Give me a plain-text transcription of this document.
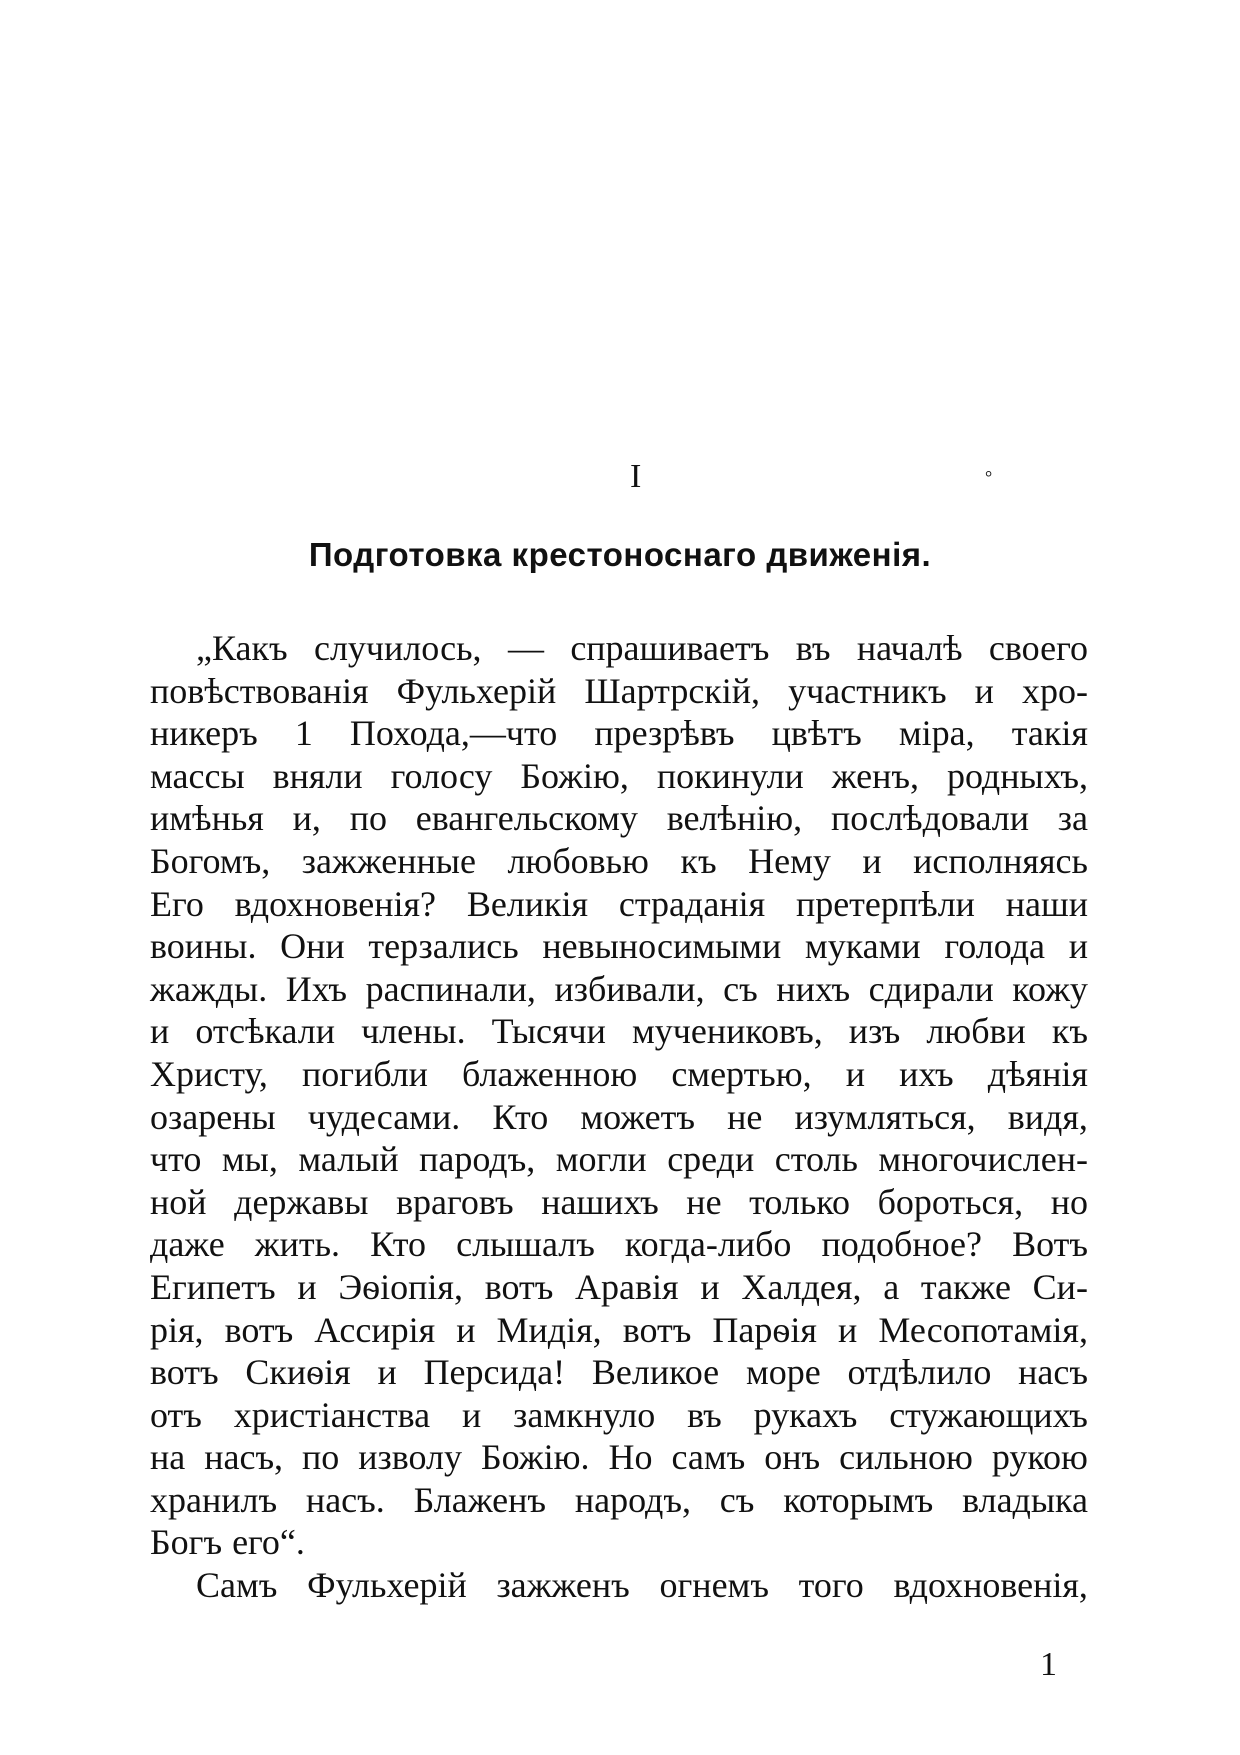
I	°
Подготовка крестоноснаго движенія.
„Какъ случилось, — спрашиваетъ въ началѣ своего
повѣствованія Фульхерій Шартрскій, участникъ и хро-
никеръ 1 Похода,—что презрѣвъ цвѣтъ міра, такія
массы вняли голосу Божію, покинули женъ, родныхъ,
имѣнья и, по евангельскому велѣнію, послѣдовали за
Богомъ, зажженные любовью къ Нему и исполняясь
Его вдохновенія? Великія страданія претерпѣли наши
воины. Они терзались невыносимыми муками голода и
жажды. Ихъ распинали, избивали, съ нихъ сдирали кожу
и отсѣкали члены. Тысячи мучениковъ, изъ любви къ
Христу, погибли блаженною смертью, и ихъ дѣянія
озарены чудесами. Кто можетъ не изумляться, видя,
что мы, малый пародъ, могли среди столь многочислен-
ной державы враговъ нашихъ не только бороться, но
даже жить. Кто слышалъ когда-либо подобное? Вотъ
Египетъ и Эѳіопія, вотъ Аравія и Халдея, а также Си-
рія, вотъ Ассирія и Мидія, вотъ Парѳія и Месопотамія,
вотъ Скиѳія и Персида! Великое море отдѣлило насъ
отъ христіанства и замкнуло въ рукахъ стужающихъ
на насъ, по изволу Божію. Но самъ онъ сильною рукою
хранилъ насъ. Блаженъ народъ, съ которымъ владыка
Богъ его“.
Самъ Фульхерій зажженъ огнемъ того вдохновенія,
1
